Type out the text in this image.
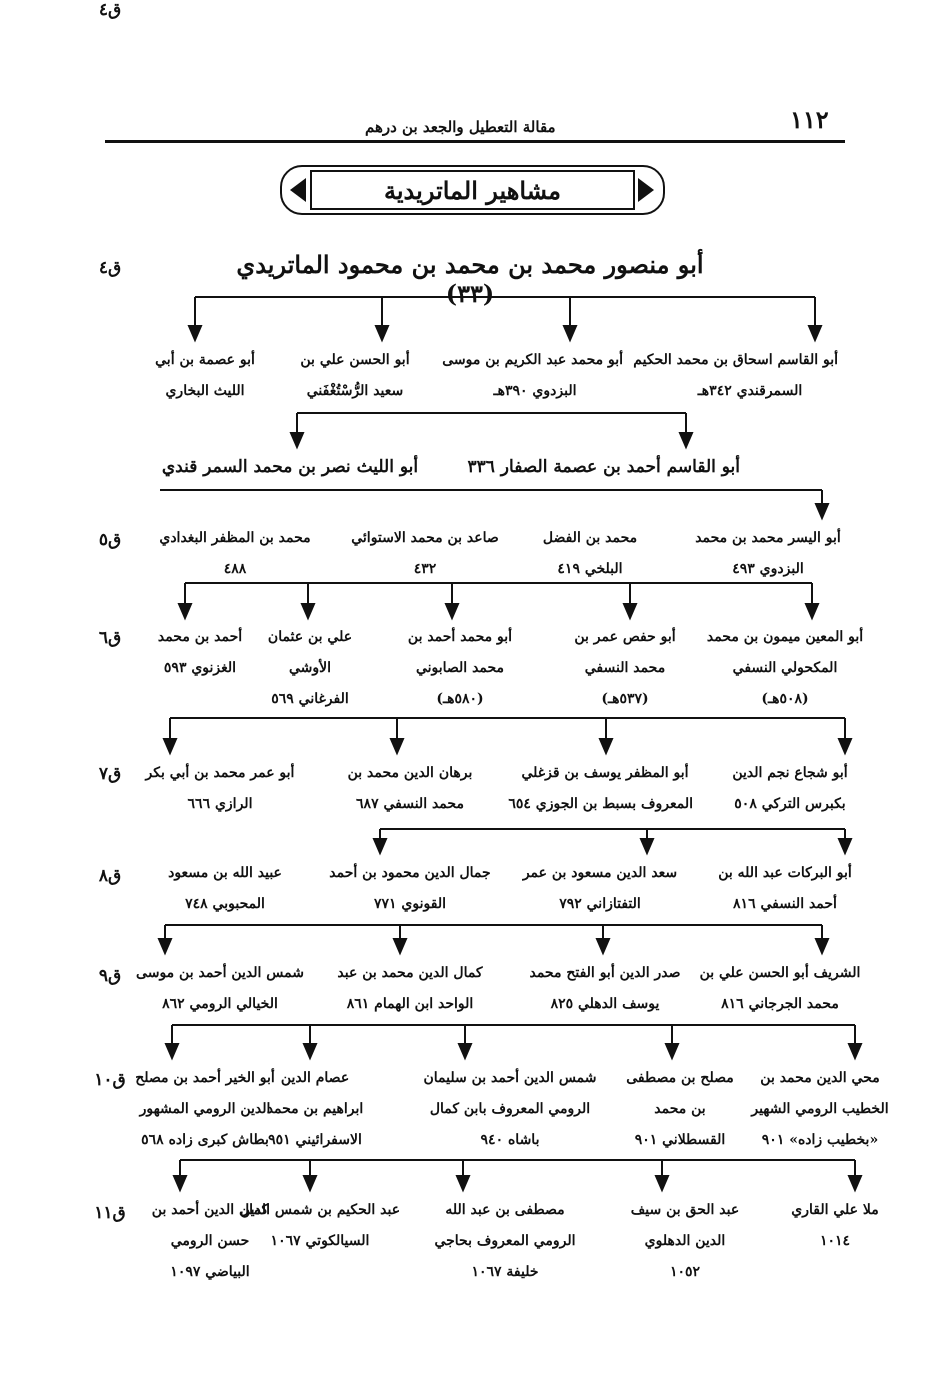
١١٢
مقالة التعطيل والجعد بن درهم
مشاهير الماتريدية
أبو منصور محمد بن محمد بن محمود الماتريدي (٣٣)
ق٤
ق٤
أبو القاسم اسحاق بن محمد الحكيم
السمرقندي ٣٤٢هـ
أبو محمد عبد الكريم بن موسى
البزدوي ٣٩٠هـ
أبو الحسن علي بن
سعيد الرُّسْتُغْفَني
أبو عصمة بن أبي
الليث البخاري
أبو القاسم أحمد بن عصمة الصفار ٣٣٦
أبو الليث نصر بن محمد السمر قندي
ق٥	أبو اليسر محمد بن محمد
البزدوي ٤٩٣
محمد بن الفضل
البلخي ٤١٩
صاعد بن محمد الاستوائي
٤٣٢
محمد بن المظفر البغدادي
٤٨٨
ق٦	أبو المعين ميمون بن محمد
المكحولي النسفي
(٥٠٨هـ)
أبو حفص عمر بن
محمد النسفي
(٥٣٧هـ)
أبو محمد أحمد بن
محمد الصابوني
(٥٨٠هـ)
علي بن عثمان
الأوشي
الفرغاني ٥٦٩
أحمد بن محمد
الغزنوي ٥٩٣
ق٧	أبو شجاع نجم الدين
بكبرس التركي ٥٠٨
أبو المظفر يوسف بن قزغلي
المعروف بسبط بن الجوزي ٦٥٤
برهان الدين محمد بن
محمد النسفي ٦٨٧
أبو عمر محمد بن أبي بكر
الرازي ٦٦٦
ق٨	أبو البركات عبد الله بن
أحمد النسفي ٨١٦
سعد الدين مسعود بن عمر
التفتازاني ٧٩٢
جمال الدين محمود بن أحمد
القونوي ٧٧١
عبيد الله بن مسعود
المحبوبي ٧٤٨
ق٩	الشريف أبو الحسن علي بن
محمد الجرجاني ٨١٦
صدر الدين أبو الفتح محمد
يوسف الدهلي ٨٢٥
كمال الدين محمد بن عبد
الواحد ابن الهمام ٨٦١
شمس الدين أحمد بن موسى
الخيالي الرومي ٨٦٢
ق١٠	محي الدين محمد بن
الخطيب الرومي الشهير
«بخطيب زاده» ٩٠١
مصلح بن مصطفى
بن محمد
القسطلاني ٩٠١
شمس الدين أحمد بن سليمان
الرومي المعروف بابن كمال
باشاه ٩٤٠
عصام الدين
ابراهيم بن محمد
الاسفرائيني ٩٥١
أبو الخير أحمد بن مصلح
الدين الرومي المشهور
بطاش كبرى زاده ٥٦٨
ق١١	ملا علي القاري
١٠١٤
عبد الحق بن سيف
الدين الدهلوي
١٠٥٢
مصطفى بن عبد الله
الرومي المعروف بحاجي
خليفة ١٠٦٧
عبد الحكيم بن شمس الدين
السيالكوتي ١٠٦٧
كمال الدين أحمد بن
حسن الرومي
البياضي ١٠٩٧
